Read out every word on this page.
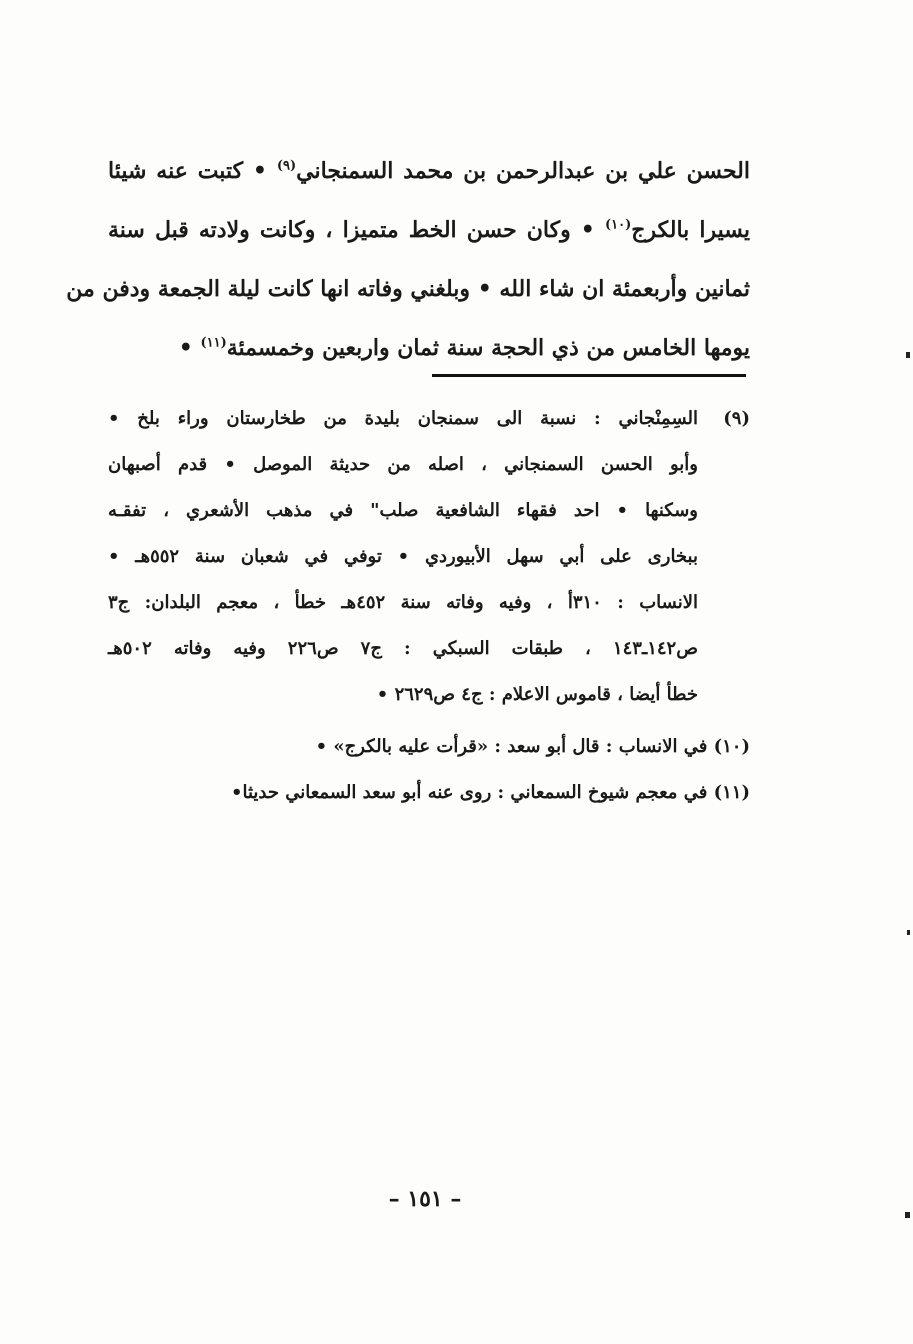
الحسن علي بن عبدالرحمن بن محمد السمنجاني$^{(٩)}$ • كتبت عنه شيئا
يسيرا بالكرج$^{(١٠)}$ • وكان حسن الخط متميزا ، وكانت ولادته قبل سنة
ثمانين وأربعمئة ان شاء الله • وبلغني وفاته انها كانت ليلة الجمعة ودفن من
يومها الخامس من ذي الحجة سنة ثمان واربعين وخمسمئة$^{(١١)}$ •
(٩)
السِمِنْجاني : نسبة الى سمنجان بليدة من طخارستان وراء بلخ •
وأبو الحسن السمنجاني ، اصله من حديثة الموصل • قدم أصبهان
وسكنها • احد فقهاء الشافعية صلب" في مذهب الأشعري ، تفقـه
ببخارى على أبي سهل الأبيوردي • توفي في شعبان سنة ٥٥٢هـ •
الانساب : ٣١٠أ ، وفيه وفاته سنة ٤٥٢هـ خطأ ، معجم البلدان: ج٣
ص١٤٢ـ١٤٣ ، طبقات السبكي : ج٧ ص٢٢٦ وفيه وفاته ٥٠٢هـ
خطأ أيضا ، قاموس الاعلام : ج٤ ص٢٦٢٩ •
(١٠) في الانساب : قال أبو سعد : «قرأت عليه بالكرج» •
(١١) في معجم شيوخ السمعاني : روى عنه أبو سعد السمعاني حديثا•
– ١٥١ –
